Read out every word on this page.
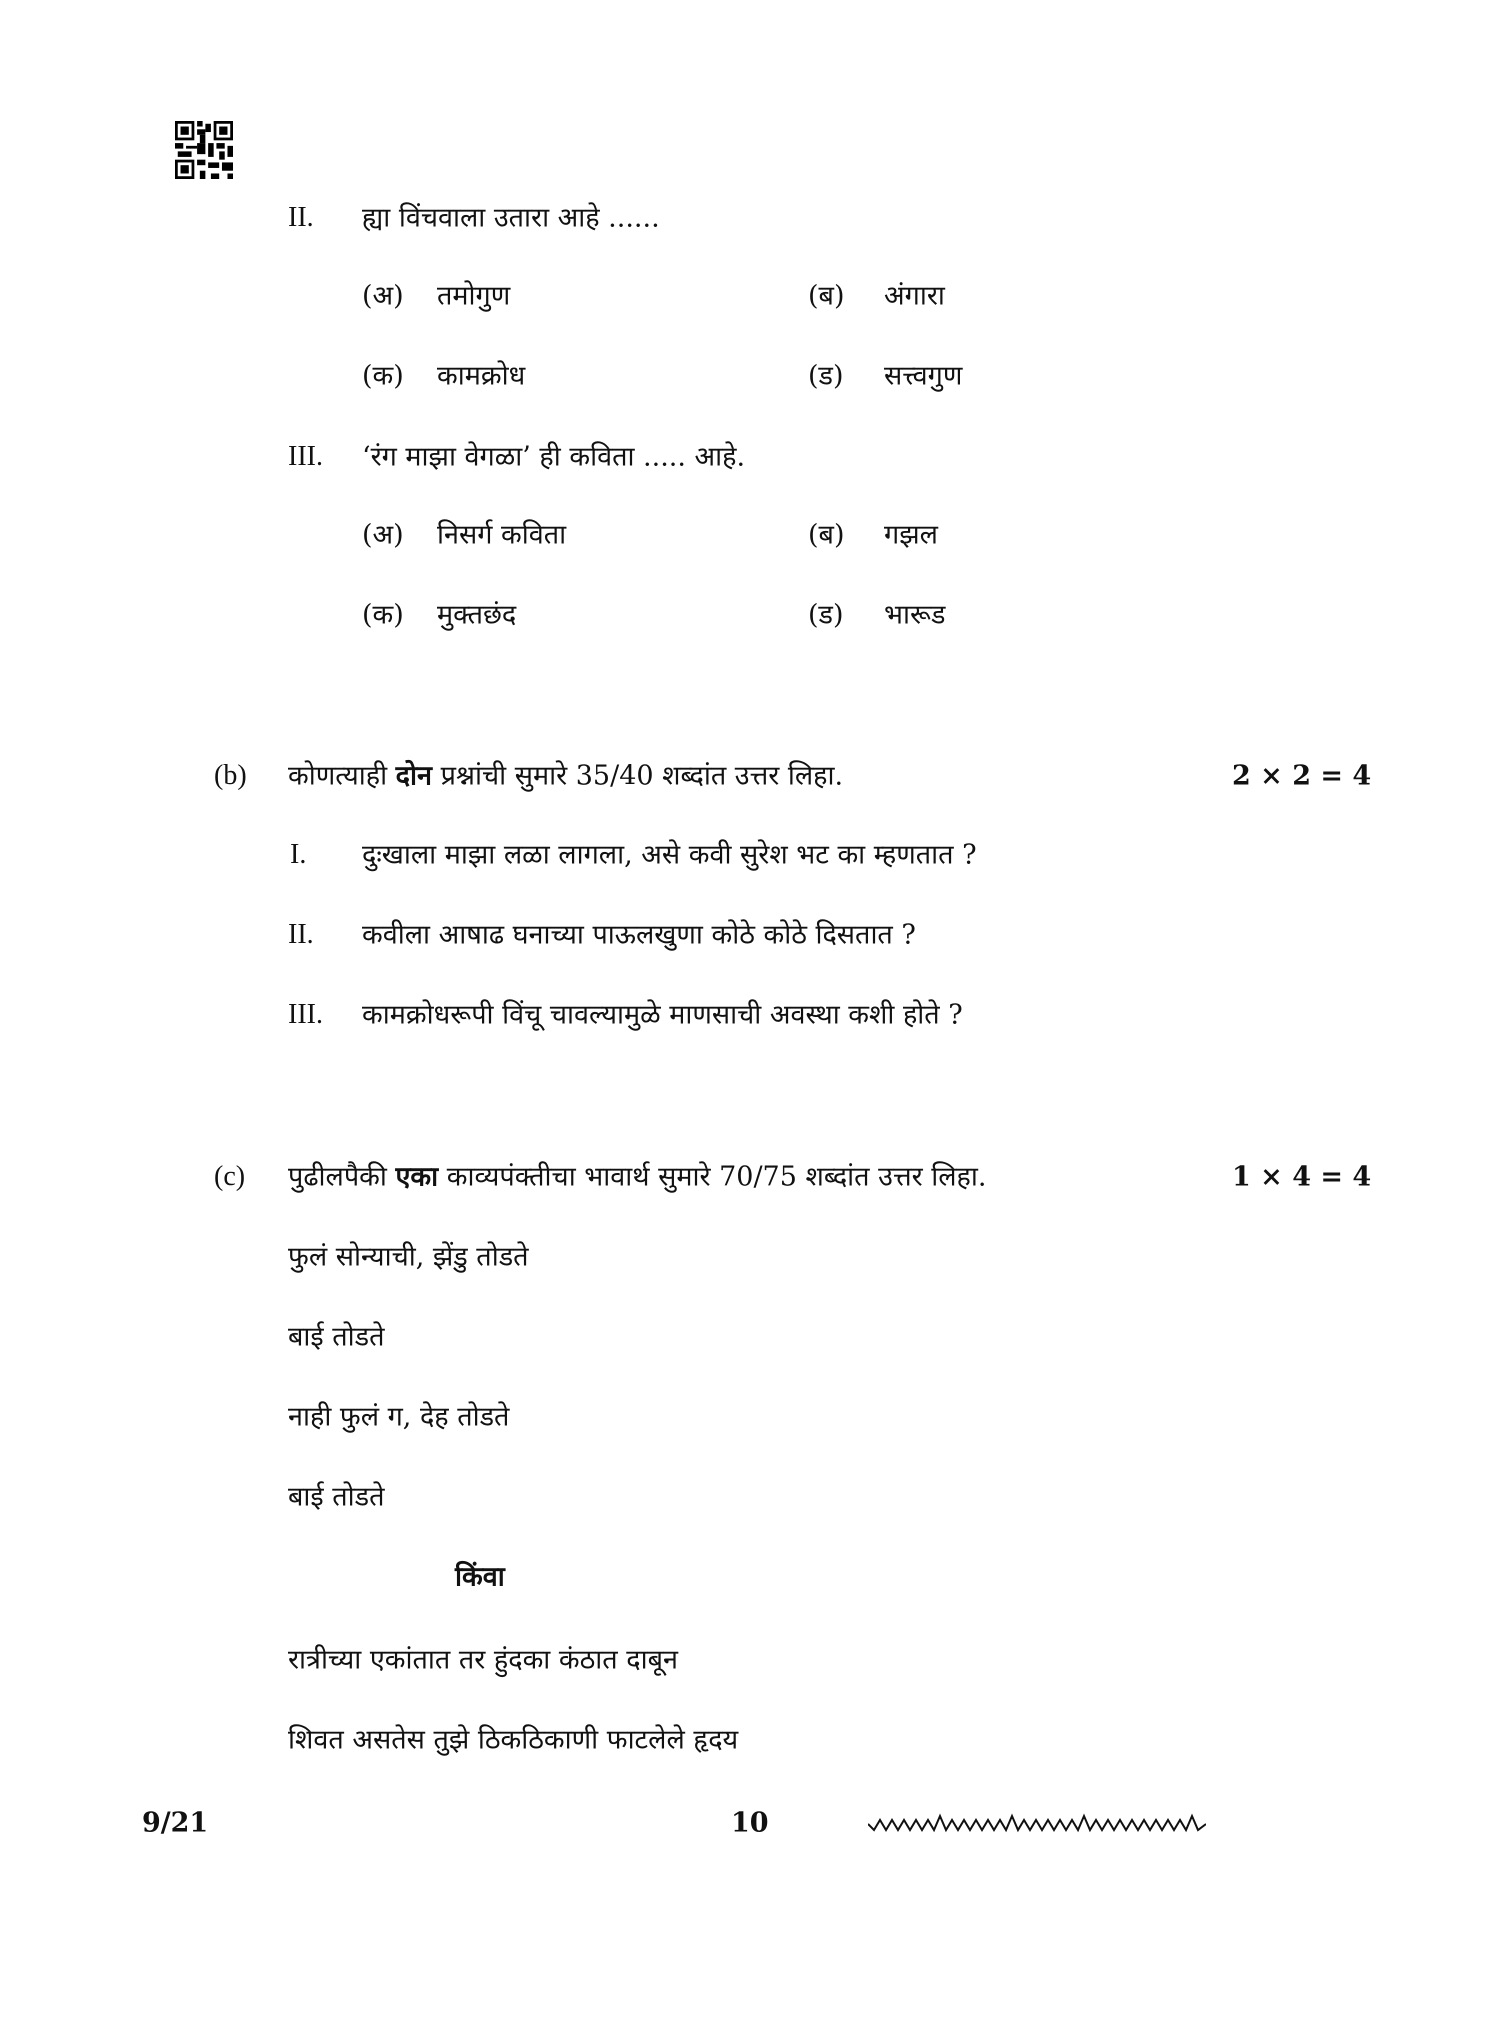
II. ह्या विंचवाला उतारा आहे ......
(अ) तमोगुण	(ब) अंगारा
(क) कामक्रोध	(ड) सत्त्वगुण
III. ‘रंग माझा वेगळा’ ही कविता ..... आहे.
(अ) निसर्ग कविता	(ब) गझल
(क) मुक्तछंद	(ड) भारूड
(b) कोणत्याही दोन प्रश्नांची सुमारे 35/40 शब्दांत उत्तर लिहा.	2 × 2 = 4
I. दुःखाला माझा लळा लागला, असे कवी सुरेश भट का म्हणतात ?
II. कवीला आषाढ घनाच्या पाऊलखुणा कोठे कोठे दिसतात ?
III. कामक्रोधरूपी विंचू चावल्यामुळे माणसाची अवस्था कशी होते ?
(c) पुढीलपैकी एका काव्यपंक्तीचा भावार्थ सुमारे 70/75 शब्दांत उत्तर लिहा.	1 × 4 = 4
फुलं सोन्याची, झेंडु तोडते
बाई तोडते
नाही फुलं ग, देह तोडते
बाई तोडते
किंवा
रात्रीच्या एकांतात तर हुंदका कंठात दाबून
शिवत असतेस तुझे ठिकठिकाणी फाटलेले हृदय
9/21	10
